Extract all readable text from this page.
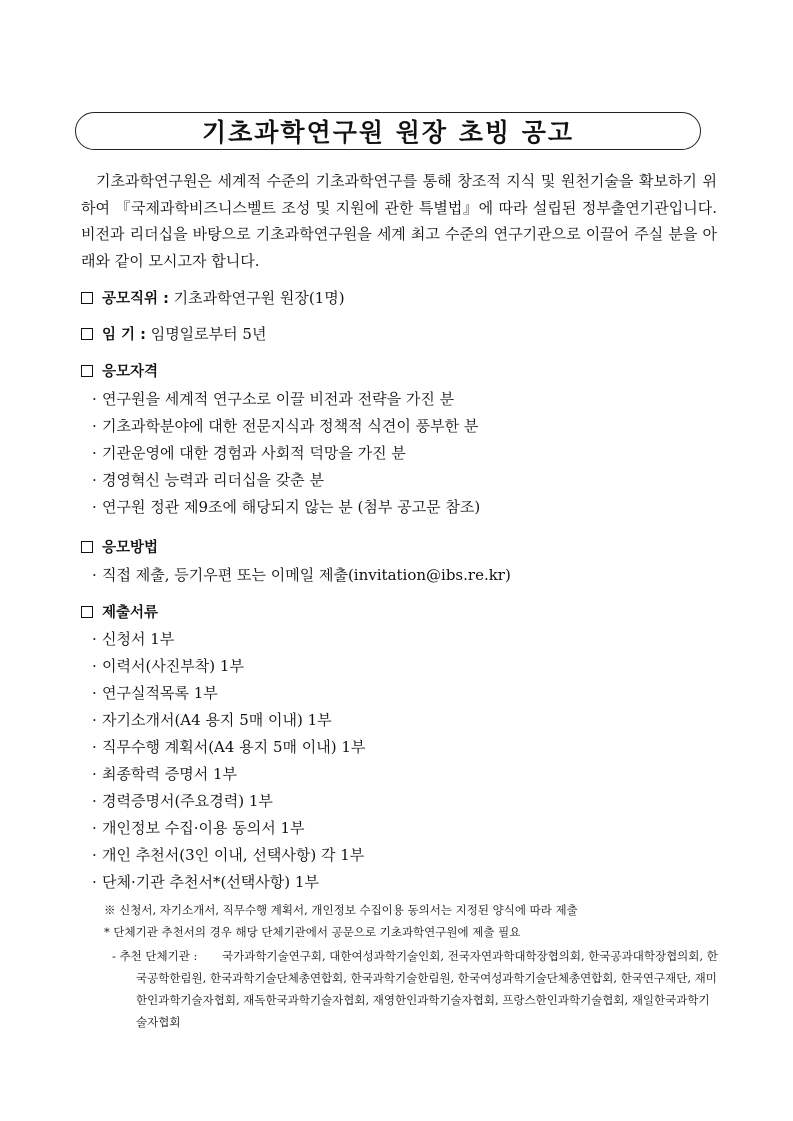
기초과학연구원 원장 초빙 공고

기초과학연구원은 세계적 수준의 기초과학연구를 통해 창조적 지식 및 원천기술을 확보하기 위하여 『국제과학비즈니스벨트 조성 및 지원에 관한 특별법』에 따라 설립된 정부출연기관입니다. 비전과 리더십을 바탕으로 기초과학연구원을 세계 최고 수준의 연구기관으로 이끌어 주실 분을 아래와 같이 모시고자 합니다.

공모직위 : 기초과학연구원 원장(1명)
임 기 : 임명일로부터 5년
응모자격
· 연구원을 세계적 연구소로 이끌 비전과 전략을 가진 분
· 기초과학분야에 대한 전문지식과 정책적 식견이 풍부한 분
· 기관운영에 대한 경험과 사회적 덕망을 가진 분
· 경영혁신 능력과 리더십을 갖춘 분
· 연구원 정관 제9조에 해당되지 않는 분 (첨부 공고문 참조)
응모방법
· 직접 제출, 등기우편 또는 이메일 제출(invitation@ibs.re.kr)
제출서류
· 신청서 1부
· 이력서(사진부착) 1부
· 연구실적목록 1부
· 자기소개서(A4 용지 5매 이내) 1부
· 직무수행 계획서(A4 용지 5매 이내) 1부
· 최종학력 증명서 1부
· 경력증명서(주요경력) 1부
· 개인정보 수집·이용 동의서 1부
· 개인 추천서(3인 이내, 선택사항) 각 1부
· 단체·기관 추천서*(선택사항) 1부
※ 신청서, 자기소개서, 직무수행 계획서, 개인정보 수집이용 동의서는 지정된 양식에 따라 제출
* 단체기관 추천서의 경우 해당 단체기관에서 공문으로 기초과학연구원에 제출 필요

- 추천 단체기관 :	국가과학기술연구회, 대한여성과학기술인회, 전국자연과학대학장협의회, 한국공과대학장협의회, 한국공학한림원, 한국과학기술단체총연합회, 한국과학기술한림원, 한국여성과학기술단체총연합회, 한국연구재단, 재미한인과학기술자협회, 재독한국과학기술자협회, 재영한인과학기술자협회, 프랑스한인과학기술협회, 재일한국과학기술자협회
